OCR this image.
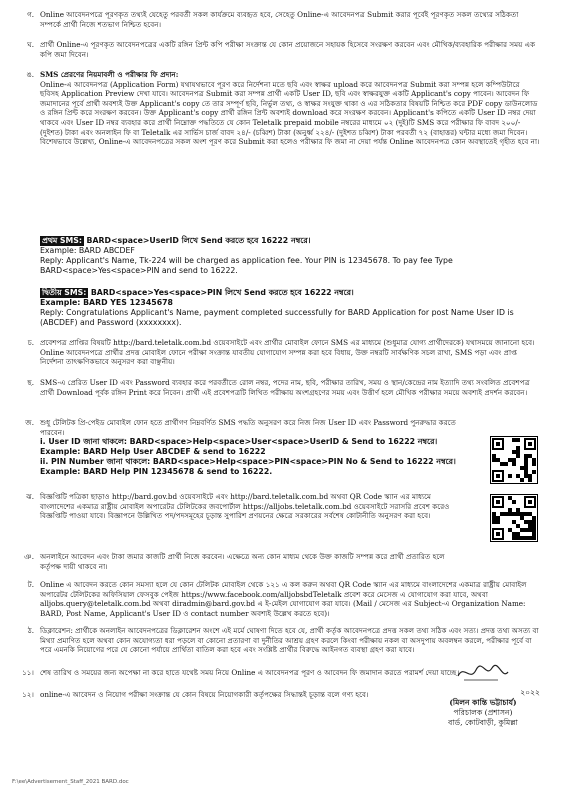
গ. Online আবেদনপত্রে পূরণকৃত তথ্যই যেহেতু পরবর্তী সকল কার্যক্রমে ব্যবহৃত হবে, সেহেতু Online-এ আবেদনপত্র Submit করার পূর্বেই পূরণকৃত সকল তথ্যের সঠিকতা সম্পর্কে প্রার্থী নিজে শতভাগ নিশ্চিত হবেন।
ঘ. প্রার্থী Online-এ পূরণকৃত আবেদনপত্রের একটি রঙ্গিন প্রিন্ট কপি পরীক্ষা সংক্রান্ত যে কোন প্রয়োজনে সহায়ক হিসেবে সংরক্ষণ করবেন এবং মৌখিক/ব্যবহারিক পরীক্ষার সময় এক কপি জমা দিবেন।
ঙ. SMS প্রেরণের নিয়মাবলী ও পরীক্ষার ফি প্রদান:
Online-এ আবেদনপত্র (Application Form) যথাযথভাবে পূরণ করে নির্দেশনা মতে ছবি এবং স্বাক্ষর upload করে আবেদনপত্র Submit করা সম্পন্ন হলে কম্পিউটারে ছবিসহ Application Preview দেখা যাবে। আবেদনপত্র Submit করা সম্পন্ন প্রার্থী একটি User ID, ছবি এবং স্বাক্ষরযুক্ত একটি Applicant's copy পাবেন। আবেদন ফি জমাদানের পূর্বে প্রার্থী অবশ্যই উক্ত Applicant's copy তে তার সম্পূর্ণ ছবি, নির্ভুল তথ্য, ও স্বাক্ষর সংযুক্ত থাকা ও এর সঠিকতার বিষয়টি নিশ্চিত করে PDF copy ডাউনলোড ও রঙ্গিন প্রিন্ট করে সংরক্ষণ করবেন। উক্ত Applicant's copy প্রার্থী রঙ্গিন প্রিন্ট অবশ্যই download করে সংরক্ষণ করবেন। Applicant's কপিতে একটি User ID নম্বর দেয়া থাকবে এবং User ID নম্বর ব্যবহার করে প্রার্থী নিম্নোক্ত পদ্ধতিতে যে কোন Teletalk prepaid mobile নম্বরের মাধ্যমে ০২ (দুই)টি SMS করে পরীক্ষার ফি বাবদ ২০০/- (দুইশত) টাকা এবং অনলাইন ফি বা Teletalk এর সার্ভিস চার্জ বাবদ ২৪/- (চব্বিশ) টাকা (অনুর্ধ্ব ২২৪/- (দুইশত চব্বিশ) টাকা পরবর্তী ৭২ (বাহাত্তর) ঘন্টার মধ্যে জমা দিবেন। বিশেষভাবে উল্লেখ্য, Online-এ আবেদনপত্রের সকল অংশ পূরণ করে Submit করা হলেও পরীক্ষার ফি জমা না দেয়া পর্যন্ত Online আবেদনপত্র কোন অবস্থাতেই গৃহীত হবে না।
প্রথম SMS: BARD<space>UserID লিখে Send করতে হবে 16222 নম্বরে।
Example: BARD ABCDEF
Reply: Applicant's Name, Tk-224 will be charged as application fee. Your PIN is 12345678. To pay fee Type BARD<space>Yes<space>PIN and send to 16222.
দ্বিতীয় SMS: BARD<space>Yes<space>PIN লিখে Send করতে হবে 16222 নম্বরে।
Example: BARD YES 12345678
Reply: Congratulations Applicant's Name, payment completed successfully for BARD Application for post Name User ID is (ABCDEF) and Password (xxxxxxxx).
চ. প্রবেশপত্র প্রাপ্তির বিষয়টি http://bard.teletalk.com.bd ওয়েবসাইটে এবং প্রার্থীর মোবাইল ফোনে SMS এর মাধ্যমে (শুধুমাত্র যোগ্য প্রার্থীদেরকে) যথাসময়ে জানানো হবে। Online আবেদনপত্রে প্রার্থীর প্রদত্ত মোবাইল ফোনে পরীক্ষা সংক্রান্ত যাবতীয় যোগাযোগ সম্পন্ন করা হবে বিধায়, উক্ত নম্বরটি সার্বক্ষণিক সচল রাখা, SMS পড়া এবং প্রাপ্ত নির্দেশনা তাৎক্ষণিকভাবে অনুসরণ করা বাঞ্ছনীয়।
ছ. SMS-এ প্রেরিত User ID এবং Password ব্যবহার করে পরবর্তীতে রোল নম্বর, পদের নাম, ছবি, পরীক্ষার তারিখ, সময় ও স্থান/কেন্দ্রের নাম ইত্যাদি তথ্য সংবলিত প্রবেশপত্র প্রার্থী Download পূর্বক রঙ্গিন Print করে নিবেন। প্রার্থী এই প্রবেশপত্রটি লিখিত পরীক্ষায় অংশগ্রহণের সময় এবং উত্তীর্ণ হলে মৌখিক পরীক্ষার সময়ে অবশ্যই প্রদর্শন করবেন।
জ. শুধু টেলিটক প্রি-পেইড মোবাইল ফোন হতে প্রার্থীগণ নিম্নবর্ণিত SMS পদ্ধতি অনুসরণ করে নিজ নিজ User ID এবং Password পুনরুদ্ধার করতে পারবেন।
i. User ID জানা থাকলে: BARD<space>Help<space>User<space>UserID & Send to 16222 নম্বরে।
Example: BARD Help User ABCDEF & send to 16222
ii. PIN Number জানা থাকলে: BARD<space>Help<space>PIN<space>PIN No & Send to 16222 নম্বরে।
Example: BARD Help PIN 12345678 & send to 16222.
ঝ. বিজ্ঞপ্তিটি পত্রিকা ছাড়াও http://bard.gov.bd ওয়েবসাইটে এবং http://bard.teletalk.com.bd অথবা QR Code স্ক্যান এর মাধ্যমে বাংলাদেশের একমাত্র রাষ্ট্রীয় মোবাইল অপারেটর টেলিটকের জবপোর্টাল https://alljobs.teletalk.com.bd ওয়েবসাইটে সরাসরি প্রবেশ করেও বিজ্ঞপ্তিটি পাওয়া যাবে। বিজ্ঞাপনে উল্লিখিত পদ/পদসমূহের চূড়ান্ত সুপারিশ প্রণয়নের ক্ষেত্রে সরকারের সর্বশেষ কোটানীতি অনুসরণ করা হবে।
ঞ. অনলাইনে আবেদন এবং টাকা জমার কাজটি প্রার্থী নিজে করবেন। এক্ষেত্রে অন্য কোন মাধ্যম থেকে উক্ত কাজটি সম্পন্ন করে প্রার্থী প্রতারিত হলে কর্তৃপক্ষ দায়ী থাকবে না।
ট. Online এ আবেদন করতে কোন সমস্যা হলে যে কোন টেলিটক মোবাইল থেকে ১২১ এ কল করুন অথবা QR Code স্ক্যান এর মাধ্যমে বাংলাদেশের একমাত্র রাষ্ট্রীয় মোবাইল অপারেটর টেলিটকের অফিসিয়াল ফেসবুক পেইজ https://www.facebook.com/alljobsbdTeletalk প্রবেশ করে মেসেজ এ যোগাযোগ করা যাবে, অথবা alljobs.query@teletalk.com.bd অথবা diradmin@bard.gov.bd এ ই-মেইল যোগাযোগ করা যাবে। (Mail / মেসেজ এর Subject-এ Organization Name: BARD, Post Name, Applicant's User ID ও contact number অবশ্যই উল্লেখ করতে হবে)।
ঠ. ডিক্লারেশন: প্রার্থীকে অনলাইন আবেদনপত্রের ডিক্লারেশন অংশে এই মর্মে ঘোষণা দিতে হবে যে, প্রার্থী কর্তৃক আবেদনপত্রে প্রদত্ত সকল তথ্য সঠিক এবং সত্য। প্রদত্ত তথ্য অসত্য বা মিথ্যা প্রমাণিত হলে অথবা কোন অযোগ্যতা ধরা পড়লে বা কোনো প্রতারণা বা দুর্নীতির আশ্রয় গ্রহণ করলে কিংবা পরীক্ষায় নকল বা অসদুপায় অবলম্বন করলে, পরীক্ষার পূর্বে বা পরে এমনকি নিয়োগের পরে যে কোনো পর্যায়ে প্রার্থিতা বাতিল করা হবে এবং সংশ্লিষ্ট প্রার্থীর বিরুদ্ধে আইনগত ব্যবস্থা গ্রহণ করা যাবে।
১১। শেষ তারিখ ও সময়ের জন্য অপেক্ষা না করে হাতে যথেষ্ট সময় নিয়ে Online এ আবেদনপত্র পূরণ ও আবেদন ফি জমাদান করতে পরামর্শ দেয়া যাচ্ছে।
১২। online-এ আবেদন ও নিয়োগ পরীক্ষা সংক্রান্ত যে কোন বিষয়ে নিয়োগকারী কর্তৃপক্ষের সিদ্ধান্তই চূড়ান্ত বলে গণ্য হবে।	২০২২
(মিলন কান্তি ভট্টাচার্য)
পরিচালক (প্রশাসন)
বার্ড, কোটবাড়ী, কুমিল্লা
F:\ee\Advertisement_Staff_2021 BARD.doc
